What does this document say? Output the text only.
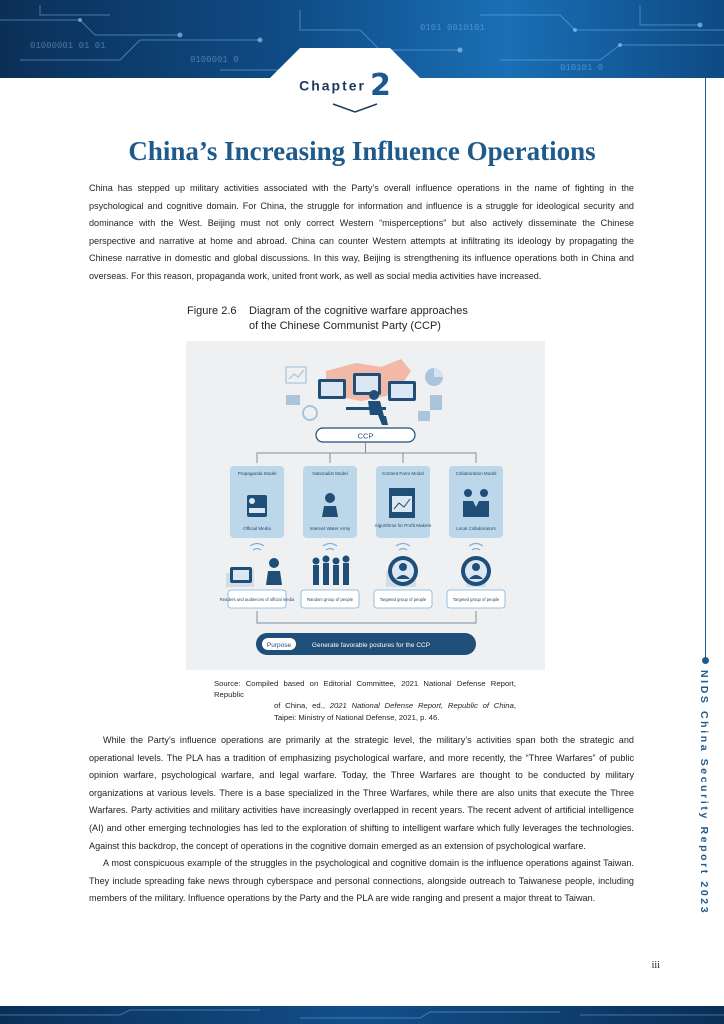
01000001 01 01
0100001 0
0101 0010101
010101 0
Chapter 2
China’s Increasing Influence Operations

China has stepped up military activities associated with the Party’s overall influence operations in the name of fighting in the psychological and cognitive domain. For China, the struggle for information and influence is a struggle for ideological security and dominance with the West. Beijing must not only correct Western “misperceptions” but also actively disseminate the Chinese perspective and narrative at home and abroad. China can counter Western attempts at infiltrating its ideology by propagating the Chinese narrative in domestic and global discussions. In this way, Beijing is strengthening its influence operations both in China and overseas. For this reason, propaganda work, united front work, as well as social media activities have increased.

Figure 2.6 Diagram of the cognitive warfare approaches
of the Chinese Communist Party (CCP)
CCP
Propaganda Model
Official Media
Nationalist Model
Internet Water Army
Content Farm Model
Algorithms for Profit Makers
Collaboration Model
Local Collaborators
Readers and audiences of official media	Random group of people	Targeted group of people	Targeted group of people
Purpose	Generate favorable postures for the CCP
Source: Compiled based on Editorial Committee, 2021 National Defense Report, Republic
of China, ed., 2021 National Defense Report, Republic of China, Taipei: Ministry of National Defense, 2021, p. 46.

While the Party’s influence operations are primarily at the strategic level, the military’s activities span both the strategic and operational levels. The PLA has a tradition of emphasizing psychological warfare, and more recently, the “Three Warfares” of public opinion warfare, psychological warfare, and legal warfare. Today, the Three Warfares are thought to be conducted by military organizations at various levels. There is a base specialized in the Three Warfares, while there are also units that execute the Three Warfares. Party activities and military activities have increasingly overlapped in recent years. The recent advent of artificial intelligence (AI) and other emerging technologies has led to the exploration of shifting to intelligent warfare which fully leverages the technologies. Against this backdrop, the concept of operations in the cognitive domain emerged as an extension of psychological warfare.

A most conspicuous example of the struggles in the psychological and cognitive domain is the influence operations against Taiwan. They include spreading fake news through cyberspace and personal connections, alongside outreach to Taiwanese people, including members of the military. Influence operations by the Party and the PLA are wide ranging and present a major threat to Taiwan.	NIDS China Security Report 2023
iii
